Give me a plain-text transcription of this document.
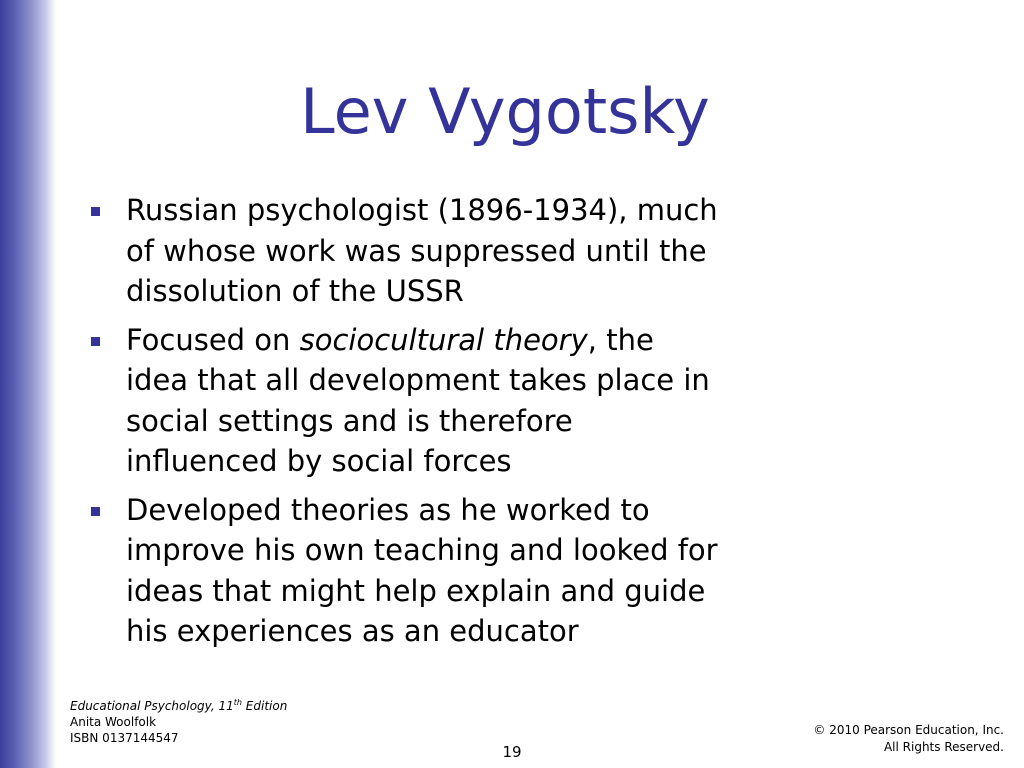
Lev Vygotsky
Russian psychologist (1896-1934), much
of whose work was suppressed until the
dissolution of the USSR
Focused on sociocultural theory, the
idea that all development takes place in
social settings and is therefore
influenced by social forces
Developed theories as he worked to
improve his own teaching and looked for
ideas that might help explain and guide
his experiences as an educator
Educational Psychology, 11th Edition
Anita Woolfolk
ISBN 0137144547
19
© 2010 Pearson Education, Inc.
All Rights Reserved.
